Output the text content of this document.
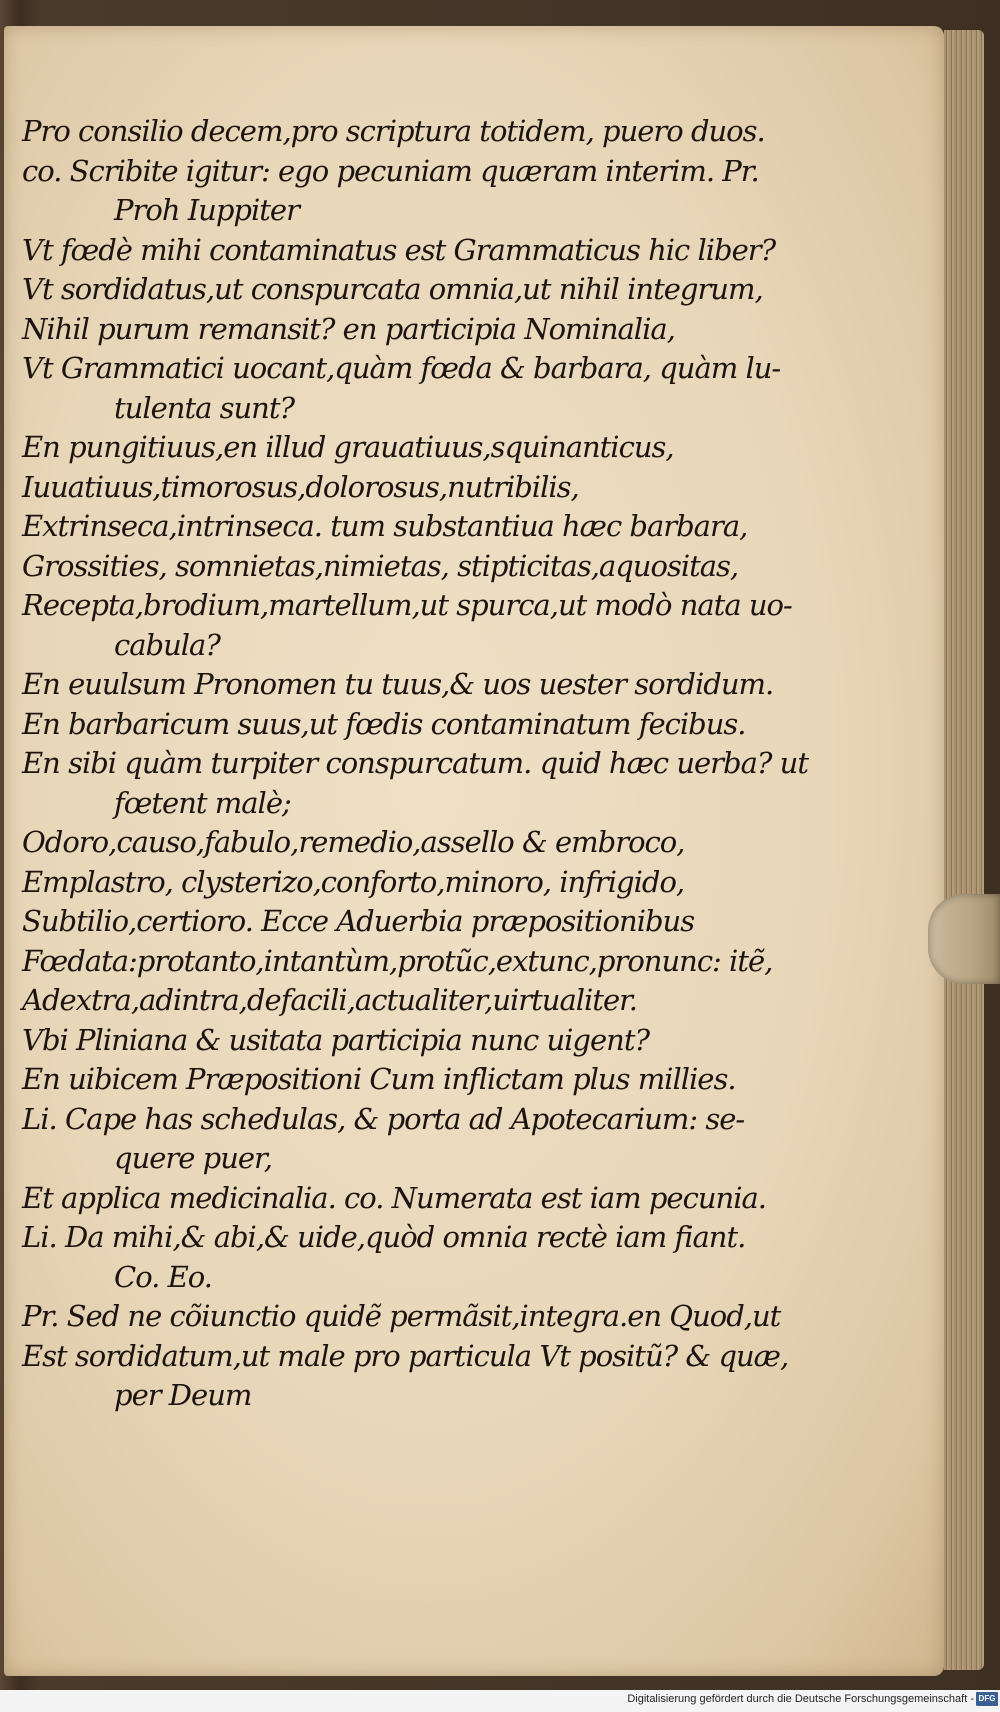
Pro consilio decem,pro scriptura totidem, puero duos.
co. Scribite igitur: ego pecuniam quæram interim. Pr.
Proh Iuppiter
Vt fœdè mihi contaminatus est Grammaticus hic liber?
Vt sordidatus,ut conspurcata omnia,ut nihil integrum,
Nihil purum remansit? en participia Nominalia,
Vt Grammatici uocant,quàm fœda & barbara, quàm lu-
tulenta sunt?
En pungitiuus,en illud grauatiuus,squinanticus,
Iuuatiuus,timorosus,dolorosus,nutribilis,
Extrinseca,intrinseca. tum substantiua hæc barbara,
Grossities, somnietas,nimietas, stipticitas,aquositas,
Recepta,brodium,martellum,ut spurca,ut modò nata uo-
cabula?
En euulsum Pronomen tu tuus,& uos uester sordidum.
En barbaricum suus,ut fœdis contaminatum fecibus.
En sibi quàm turpiter conspurcatum. quid hæc uerba? ut
fœtent malè;
Odoro,causo,fabulo,remedio,assello & embroco,
Emplastro, clysterizo,conforto,minoro, infrigido,
Subtilio,certioro. Ecce Aduerbia præpositionibus
Fœdata:protanto,intantùm,protũc,extunc,pronunc: itẽ,
Adextra,adintra,defacili,actualiter,uirtualiter.
Vbi Pliniana & usitata participia nunc uigent?
En uibicem Præpositioni Cum inflictam plus millies.
Li. Cape has schedulas, & porta ad Apotecarium: se-
quere puer,
Et applica medicinalia. co. Numerata est iam pecunia.
Li. Da mihi,& abi,& uide,quòd omnia rectè iam fiant.
Co. Eo.
Pr. Sed ne cõiunctio quidẽ permãsit,integra.en Quod,ut
Est sordidatum,ut male pro particula Vt positũ? & quæ,
per Deum
Digitalisierung gefördert durch die Deutsche Forschungsgemeinschaft - DFG
